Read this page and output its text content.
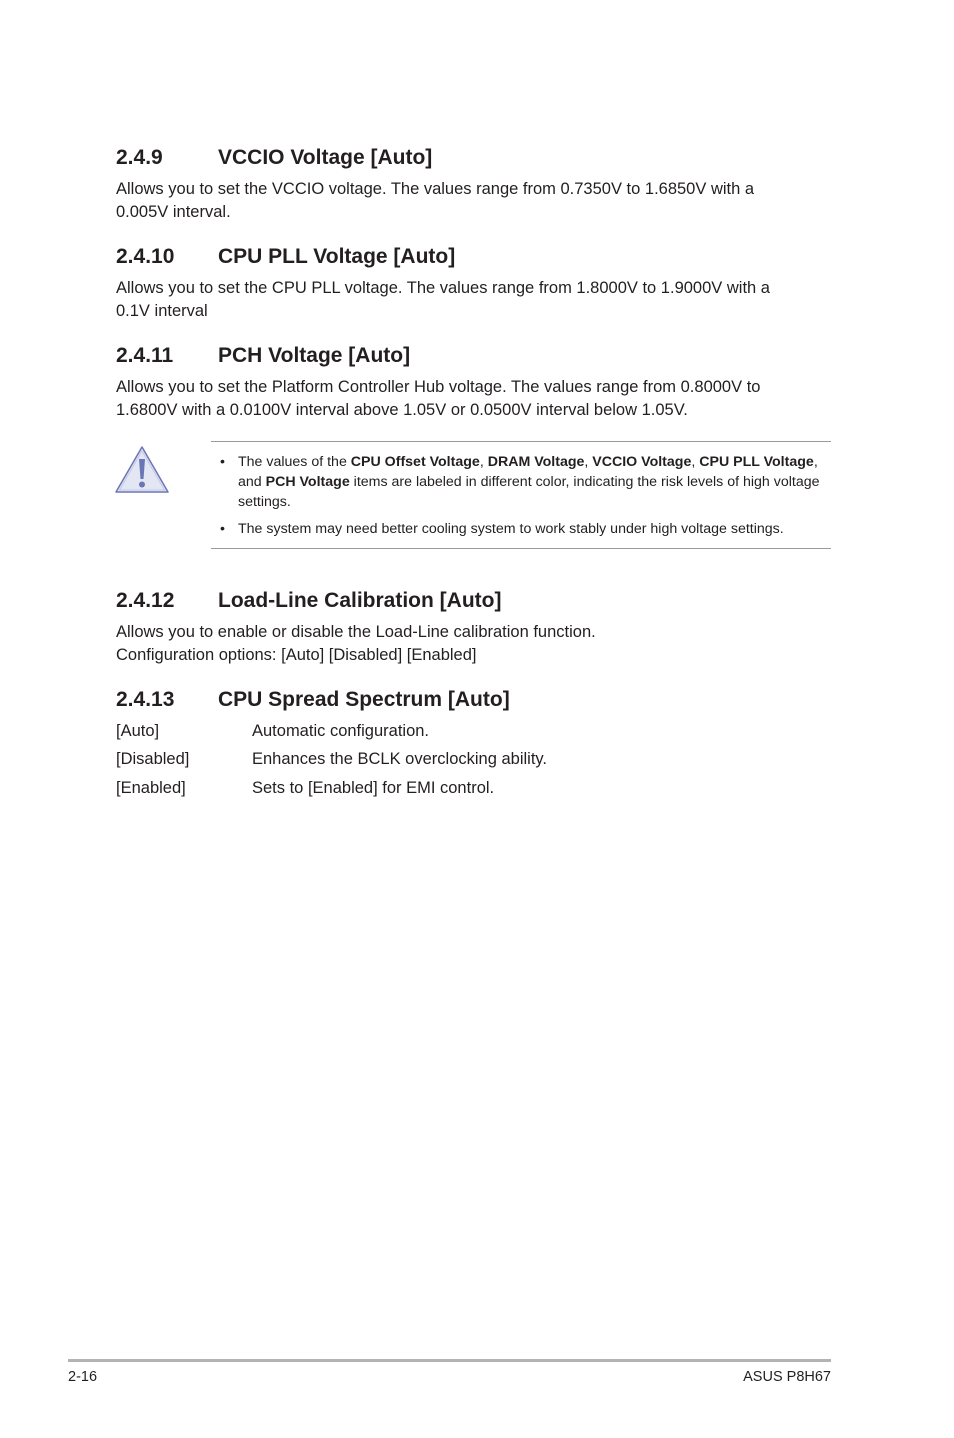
2.4.9	VCCIO Voltage [Auto]

Allows you to set the VCCIO voltage. The values range from 0.7350V to 1.6850V with a
0.005V interval.

2.4.10 CPU PLL Voltage [Auto]

Allows you to set the CPU PLL voltage. The values range from 1.8000V to 1.9000V with a
0.1V interval

2.4.11 PCH Voltage [Auto]

Allows you to set the Platform Controller Hub voltage. The values range from 0.8000V to
1.6800V with a 0.0100V interval above 1.05V or 0.0500V interval below 1.05V.

• The values of the CPU Offset Voltage, DRAM Voltage, VCCIO Voltage, CPU PLL Voltage, and PCH Voltage items are labeled in different color, indicating the risk levels of high voltage settings.
• The system may need better cooling system to work stably under high voltage settings.
2.4.12 Load-Line Calibration [Auto]

Allows you to enable or disable the Load-Line calibration function.
Configuration options: [Auto] [Disabled] [Enabled]

2.4.13 CPU Spread Spectrum [Auto]
[Auto]	Automatic configuration.
[Disabled]	Enhances the BCLK overclocking ability.
[Enabled]	Sets to [Enabled] for EMI control.
2-16	ASUS P8H67
